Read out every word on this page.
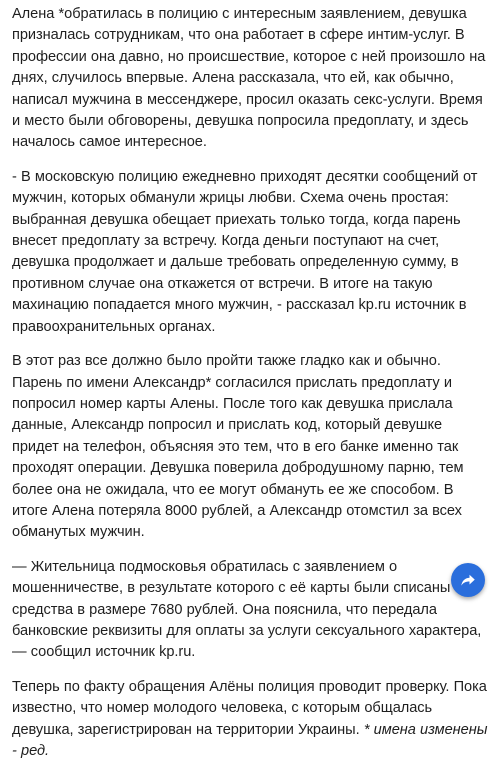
Алена *обратилась в полицию с интересным заявлением, девушка призналась сотрудникам, что она работает в сфере интим-услуг. В профессии она давно, но происшествие, которое с ней произошло на днях, случилось впервые. Алена рассказала, что ей, как обычно, написал мужчина в мессенджере, просил оказать секс-услуги. Время и место были обговорены, девушка попросила предоплату, и здесь началось самое интересное.

- В московскую полицию ежедневно приходят десятки сообщений от мужчин, которых обманули жрицы любви. Схема очень простая: выбранная девушка обещает приехать только тогда, когда парень внесет предоплату за встречу. Когда деньги поступают на счет, девушка продолжает и дальше требовать определенную сумму, в противном случае она откажется от встречи. В итоге на такую махинацию попадается много мужчин, - рассказал kp.ru источник в правоохранительных органах.

В этот раз все должно было пройти также гладко как и обычно. Парень по имени Александр* согласился прислать предоплату и попросил номер карты Алены. После того как девушка прислала данные, Александр попросил и прислать код, который девушке придет на телефон, объясняя это тем, что в его банке именно так проходят операции. Девушка поверила добродушному парню, тем более она не ожидала, что ее могут обмануть ее же способом. В итоге Алена потеряла 8000 рублей, а Александр отомстил за всех обманутых мужчин.

— Жительница подмосковья обратилась с заявлением о мошенничестве, в результате которого с её карты были списаны средства в размере 7680 рублей. Она пояснила, что передала банковские реквизиты для оплаты за услуги сексуального характера, — сообщил источник kp.ru.

Теперь по факту обращения Алёны полиция проводит проверку. Пока известно, что номер молодого человека, с которым общалась девушка, зарегистрирован на территории Украины. * имена изменены - ред.
